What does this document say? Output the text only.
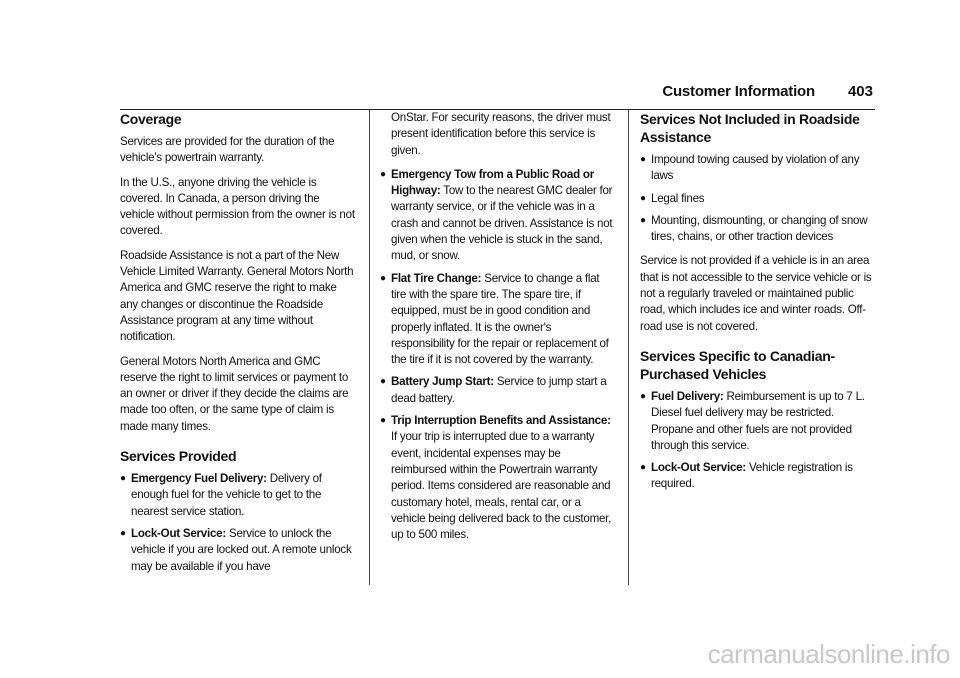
Customer Information 403
Coverage

Services are provided for the duration of the vehicle's powertrain warranty.

In the U.S., anyone driving the vehicle is covered. In Canada, a person driving the vehicle without permission from the owner is not covered.

Roadside Assistance is not a part of the New Vehicle Limited Warranty. General Motors North America and GMC reserve the right to make any changes or discontinue the Roadside Assistance program at any time without notification.

General Motors North America and GMC reserve the right to limit services or payment to an owner or driver if they decide the claims are made too often, or the same type of claim is made many times.

Services Provided
● Emergency Fuel Delivery: Delivery of enough fuel for the vehicle to get to the nearest service station.
● Lock-Out Service: Service to unlock the vehicle if you are locked out. A remote unlock may be available if you have

OnStar. For security reasons, the driver must present identification before this service is given.

● Emergency Tow from a Public Road or Highway: Tow to the nearest GMC dealer for warranty service, or if the vehicle was in a crash and cannot be driven. Assistance is not given when the vehicle is stuck in the sand, mud, or snow.
● Flat Tire Change: Service to change a flat tire with the spare tire. The spare tire, if equipped, must be in good condition and properly inflated. It is the owner's responsibility for the repair or replacement of the tire if it is not covered by the warranty.
● Battery Jump Start: Service to jump start a dead battery.
● Trip Interruption Benefits and Assistance: If your trip is interrupted due to a warranty event, incidental expenses may be reimbursed within the Powertrain warranty period. Items considered are reasonable and customary hotel, meals, rental car, or a vehicle being delivered back to the customer, up to 500 miles.
Services Not Included in Roadside Assistance
● Impound towing caused by violation of any laws
● Legal fines
● Mounting, dismounting, or changing of snow tires, chains, or other traction devices

Service is not provided if a vehicle is in an area that is not accessible to the service vehicle or is not a regularly traveled or maintained public road, which includes ice and winter roads. Off-road use is not covered.

Services Specific to Canadian-Purchased Vehicles
● Fuel Delivery: Reimbursement is up to 7 L. Diesel fuel delivery may be restricted. Propane and other fuels are not provided through this service.
● Lock-Out Service: Vehicle registration is required.
carmanualsonline.info
